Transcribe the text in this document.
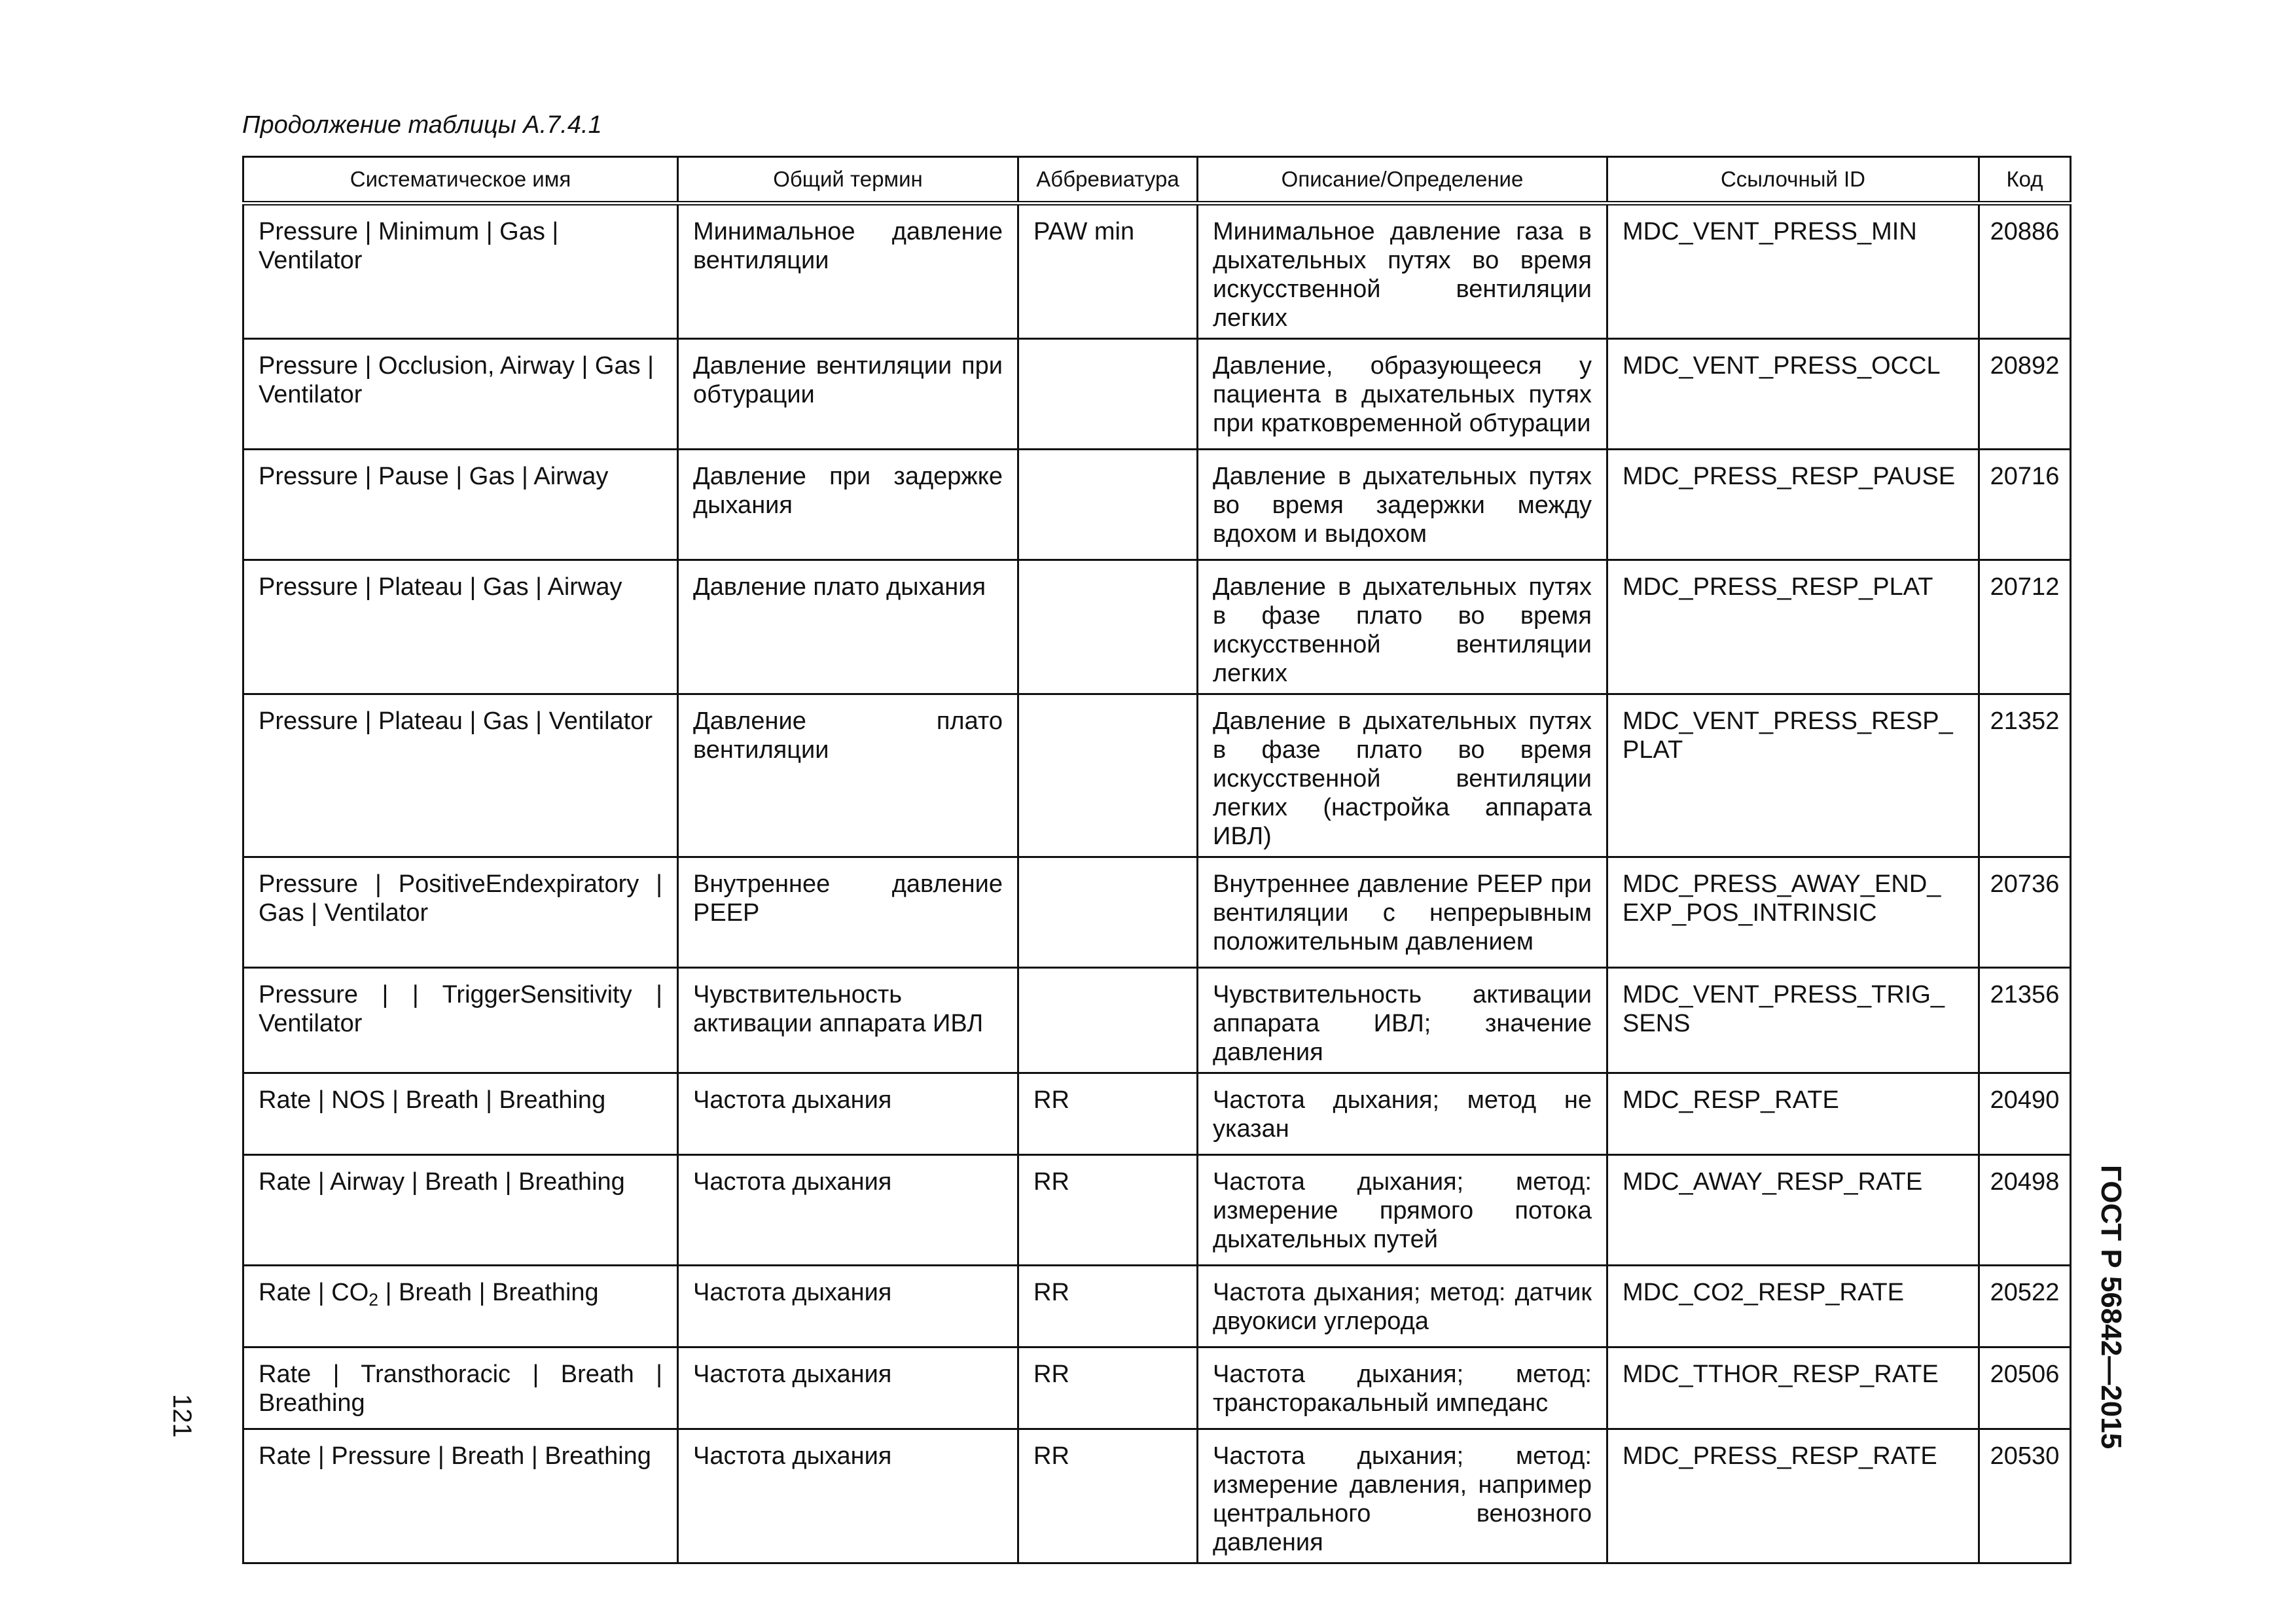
Продолжение таблицы А.7.4.1
Систематическое имя	Общий термин	Аббревиатура	Описание/Определение	Ссылочный ID	Код
Pressure | Minimum | Gas | Ventilator	Минимальное давление вентиляции	PAW min	Минимальное давление газа в дыхательных путях во время искусственной вентиляции легких	MDC_VENT_PRESS_MIN	20886
Pressure | Occlusion, Airway | Gas | Ventilator	Давление вентиляции при обтурации		Давление, образующееся у пациента в дыхательных путях при кратковременной обтурации	MDC_VENT_PRESS_OCCL	20892
Pressure | Pause | Gas | Airway	Давление при задержке дыхания		Давление в дыхательных путях во время задержки между вдохом и выдохом	MDC_PRESS_RESP_PAUSE	20716
Pressure | Plateau | Gas | Airway	Давление плато дыхания		Давление в дыхательных путях в фазе плато во время искусственной вентиляции легких	MDC_PRESS_RESP_PLAT	20712
Pressure | Plateau | Gas | Ventilator	Давление плато вентиляции		Давление в дыхательных путях в фазе плато во время искусственной вентиляции легких (настройка аппарата ИВЛ)	MDC_VENT_PRESS_RESP_ PLAT	21352
Pressure | PositiveEndexpiratory | Gas | Ventilator	Внутреннее давление PEEP		Внутреннее давление PEEP при вентиляции с непрерывным положительным давлением	MDC_PRESS_AWAY_END_ EXP_POS_INTRINSIC	20736
Pressure | | TriggerSensitivity | Ventilator	Чувствительность активации аппарата ИВЛ		Чувствительность активации аппарата ИВЛ; значение давления	MDC_VENT_PRESS_TRIG_ SENS	21356
Rate | NOS | Breath | Breathing	Частота дыхания	RR	Частота дыхания; метод не указан	MDC_RESP_RATE	20490
Rate | Airway | Breath | Breathing	Частота дыхания	RR	Частота дыхания; метод: измерение прямого потока дыхательных путей	MDC_AWAY_RESP_RATE	20498
Rate | $CO_2$ | Breath | Breathing	Частота дыхания	RR	Частота дыхания; метод: датчик двуокиси углерода	MDC_CO2_RESP_RATE	20522
Rate | Transthoracic | Breath | Breathing	Частота дыхания	RR	Частота дыхания; метод: трансторакальный импеданс	MDC_TTHOR_RESP_RATE	20506
Rate | Pressure | Breath | Breathing	Частота дыхания	RR	Частота дыхания; метод: измерение давления, например центрального венозного давления	MDC_PRESS_RESP_RATE	20530
ГОСТ Р 56842—2015
121
